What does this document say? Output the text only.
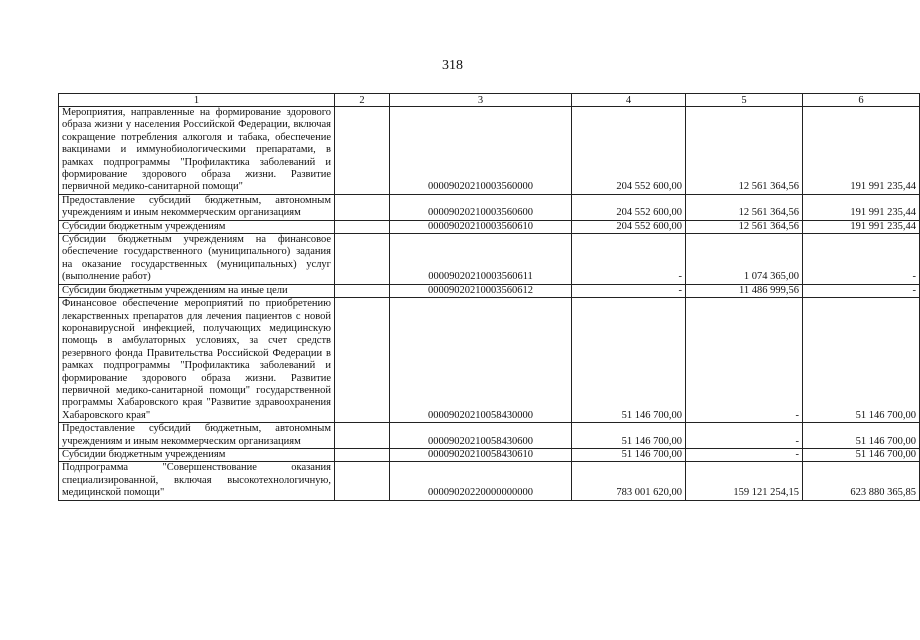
318
1	2	3	4	5	6
Мероприятия, направленные на формирование здорового образа жизни у населения Российской Федерации, включая сокращение потребления алкоголя и табака, обеспечение вакцинами и иммунобиологическими препаратами, в рамках подпрограммы "Профилактика заболеваний и формирование здорового образа жизни. Развитие первичной медико-санитарной помощи"		00009020210003560000	204 552 600,00	12 561 364,56	191 991 235,44
Предоставление субсидий бюджетным, автономным учреждениям и иным некоммерческим организациям		00009020210003560600	204 552 600,00	12 561 364,56	191 991 235,44
Субсидии бюджетным учреждениям		00009020210003560610	204 552 600,00	12 561 364,56	191 991 235,44
Субсидии бюджетным учреждениям на финансовое обеспечение государственного (муниципального) задания на оказание государственных (муниципальных) услуг (выполнение работ)		00009020210003560611	-	1 074 365,00	-
Субсидии бюджетным учреждениям на иные цели		00009020210003560612	-	11 486 999,56	-
Финансовое обеспечение мероприятий по приобретению лекарственных препаратов для лечения пациентов с новой коронавирусной инфекцией, получающих медицинскую помощь в амбулаторных условиях, за счет средств резервного фонда Правительства Российской Федерации в рамках подпрограммы "Профилактика заболеваний и формирование здорового образа жизни. Развитие первичной медико-санитарной помощи" государственной программы Хабаровского края "Развитие здравоохранения Хабаровского края"		00009020210058430000	51 146 700,00	-	51 146 700,00
Предоставление субсидий бюджетным, автономным учреждениям и иным некоммерческим организациям		00009020210058430600	51 146 700,00	-	51 146 700,00
Субсидии бюджетным учреждениям		00009020210058430610	51 146 700,00	-	51 146 700,00
Подпрограмма "Совершенствование оказания специализированной, включая высокотехнологичную, медицинской помощи"		00009020220000000000	783 001 620,00	159 121 254,15	623 880 365,85
